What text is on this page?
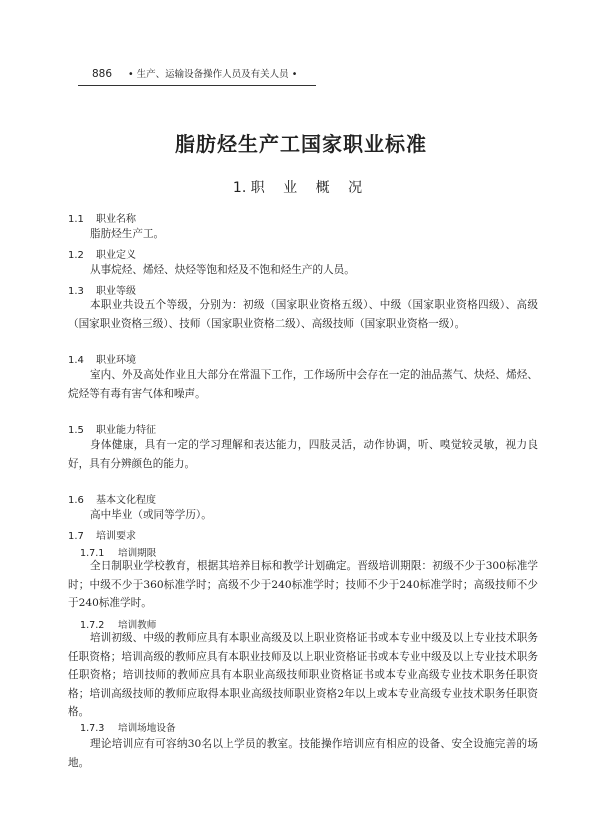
886 • 生产、运输设备操作人员及有关人员 •
脂肪烃生产工国家职业标准
1. 职 业 概 况
1.1 职业名称
脂肪烃生产工。
1.2 职业定义
从事烷烃、烯烃、炔烃等饱和烃及不饱和烃生产的人员。
1.3 职业等级
本职业共设五个等级，分别为：初级（国家职业资格五级）、中级（国家职业资格四级）、高级（国家职业资格三级）、技师（国家职业资格二级）、高级技师（国家职业资格一级）。
1.4 职业环境
室内、外及高处作业且大部分在常温下工作，工作场所中会存在一定的油品蒸气、炔烃、烯烃、烷烃等有毒有害气体和噪声。
1.5 职业能力特征
身体健康，具有一定的学习理解和表达能力，四肢灵活，动作协调，听、嗅觉较灵敏，视力良好，具有分辨颜色的能力。
1.6 基本文化程度
高中毕业（或同等学历）。
1.7 培训要求
1.7.1 培训期限
全日制职业学校教育，根据其培养目标和教学计划确定。晋级培训期限：初级不少于300标准学时；中级不少于360标准学时；高级不少于240标准学时；技师不少于240标准学时；高级技师不少于240标准学时。
1.7.2 培训教师
培训初级、中级的教师应具有本职业高级及以上职业资格证书或本专业中级及以上专业技术职务任职资格；培训高级的教师应具有本职业技师及以上职业资格证书或本专业中级及以上专业技术职务任职资格；培训技师的教师应具有本职业高级技师职业资格证书或本专业高级专业技术职务任职资格；培训高级技师的教师应取得本职业高级技师职业资格2年以上或本专业高级专业技术职务任职资格。
1.7.3 培训场地设备
理论培训应有可容纳30名以上学员的教室。技能操作培训应有相应的设备、安全设施完善的场地。
